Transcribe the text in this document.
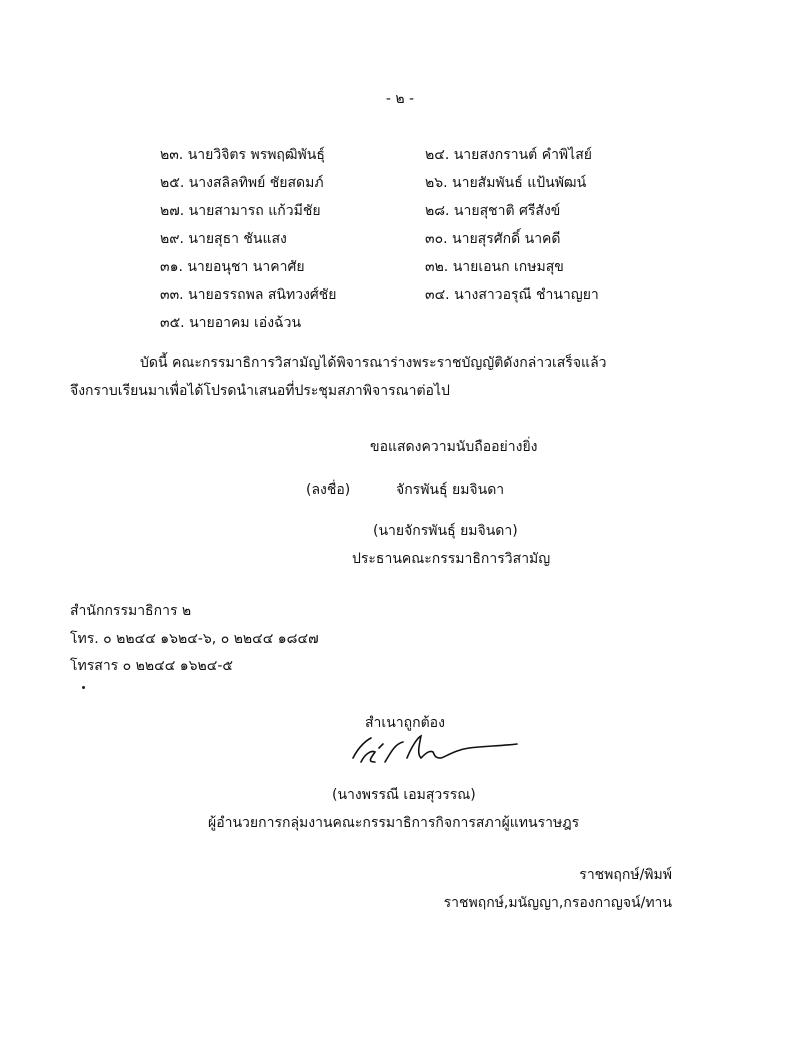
- ๒ -
๒๓. นายวิจิตร พรพฤฒิพันธุ์	๒๔. นายสงกรานต์ คำพิไสย์
๒๕. นางสลิลทิพย์ ชัยสดมภ์	๒๖. นายสัมพันธ์ แป้นพัฒน์
๒๗. นายสามารถ แก้วมีชัย	๒๘. นายสุชาติ ศรีสังข์
๒๙. นายสุธา ชันแสง	๓๐. นายสุรศักดิ์ นาคดี
๓๑. นายอนุชา นาคาศัย	๓๒. นายเอนก เกษมสุข
๓๓. นายอรรถพล สนิทวงศ์ชัย	๓๔. นางสาวอรุณี ชำนาญยา
๓๕. นายอาคม เอ่งฉ้วน
บัดนี้ คณะกรรมาธิการวิสามัญได้พิจารณาร่างพระราชบัญญัติดังกล่าวเสร็จแล้ว
จึงกราบเรียนมาเพื่อได้โปรดนำเสนอที่ประชุมสภาพิจารณาต่อไป
ขอแสดงความนับถืออย่างยิ่ง
(ลงชื่อ)	จักรพันธุ์ ยมจินดา
(นายจักรพันธุ์ ยมจินดา)
ประธานคณะกรรมาธิการวิสามัญ
สำนักกรรมาธิการ ๒
โทร. ๐ ๒๒๔๔ ๑๖๒๔-๖, ๐ ๒๒๔๔ ๑๘๔๗
โทรสาร ๐ ๒๒๔๔ ๑๖๒๔-๕
สำเนาถูกต้อง
(นางพรรณี เอมสุวรรณ)
ผู้อำนวยการกลุ่มงานคณะกรรมาธิการกิจการสภาผู้แทนราษฎร
ราชพฤกษ์/พิมพ์
ราชพฤกษ์,มนัญญา,กรองกาญจน์/ทาน
